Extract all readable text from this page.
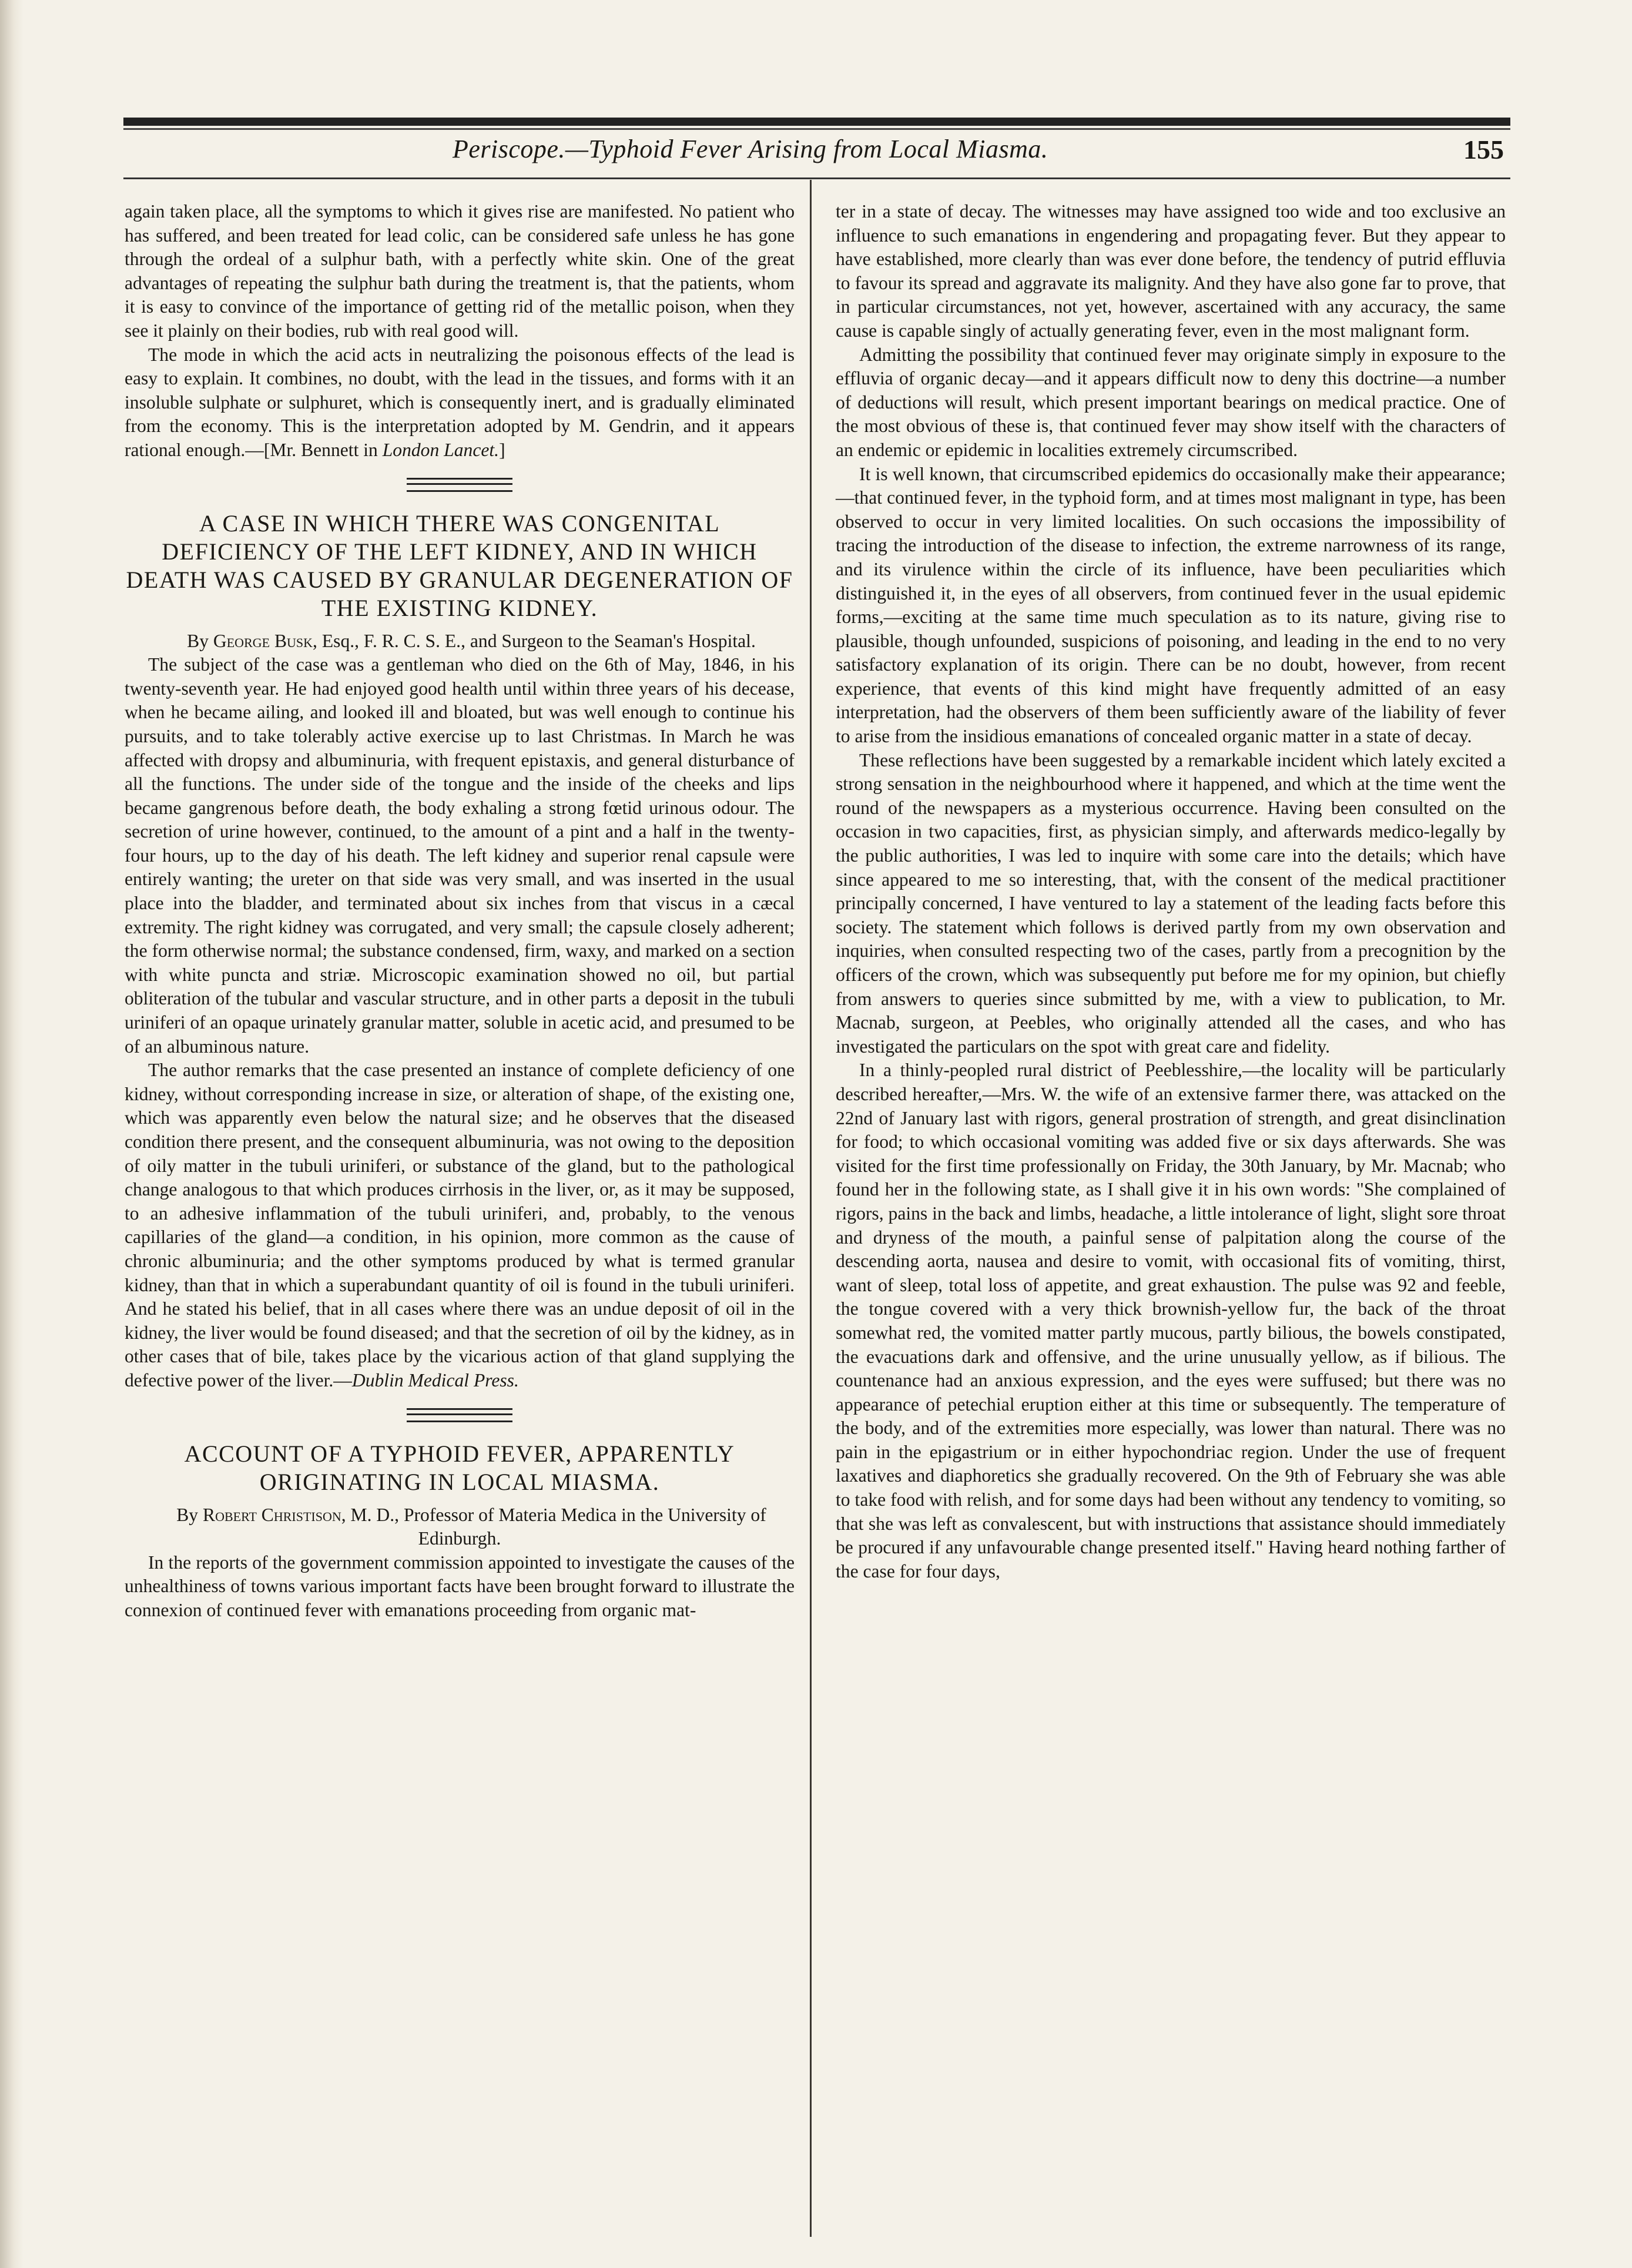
Periscope.—Typhoid Fever Arising from Local Miasma.	155

again taken place, all the symptoms to which it gives rise are manifested. No patient who has suffered, and been treated for lead colic, can be considered safe unless he has gone through the ordeal of a sulphur bath, with a perfectly white skin. One of the great advantages of repeating the sulphur bath during the treatment is, that the patients, whom it is easy to convince of the importance of getting rid of the metallic poison, when they see it plainly on their bodies, rub with real good will.

The mode in which the acid acts in neutralizing the poisonous effects of the lead is easy to explain. It combines, no doubt, with the lead in the tissues, and forms with it an insoluble sulphate or sulphuret, which is consequently inert, and is gradually eliminated from the economy. This is the interpretation adopted by M. Gendrin, and it appears rational enough.—[Mr. Bennett in London Lancet.]

A CASE IN WHICH THERE WAS CONGENITAL DEFICIENCY OF THE LEFT KIDNEY, AND IN WHICH DEATH WAS CAUSED BY GRANULAR DEGENERATION OF THE EXISTING KIDNEY.

By George Busk, Esq., F. R. C. S. E., and Surgeon to the Seaman's Hospital.

The subject of the case was a gentleman who died on the 6th of May, 1846, in his twenty-seventh year. He had enjoyed good health until within three years of his decease, when he became ailing, and looked ill and bloated, but was well enough to continue his pursuits, and to take tolerably active exercise up to last Christmas. In March he was affected with dropsy and albuminuria, with frequent epistaxis, and general disturbance of all the functions. The under side of the tongue and the inside of the cheeks and lips became gangrenous before death, the body exhaling a strong fœtid urinous odour. The secretion of urine however, continued, to the amount of a pint and a half in the twenty-four hours, up to the day of his death. The left kidney and superior renal capsule were entirely wanting; the ureter on that side was very small, and was inserted in the usual place into the bladder, and terminated about six inches from that viscus in a cæcal extremity. The right kidney was corrugated, and very small; the capsule closely adherent; the form otherwise normal; the substance condensed, firm, waxy, and marked on a section with white puncta and striæ. Microscopic examination showed no oil, but partial obliteration of the tubular and vascular structure, and in other parts a deposit in the tubuli uriniferi of an opaque urinately granular matter, soluble in acetic acid, and presumed to be of an albuminous nature.

The author remarks that the case presented an instance of complete deficiency of one kidney, without corresponding increase in size, or alteration of shape, of the existing one, which was apparently even below the natural size; and he observes that the diseased condition there present, and the consequent albuminuria, was not owing to the deposition of oily matter in the tubuli uriniferi, or substance of the gland, but to the pathological change analogous to that which produces cirrhosis in the liver, or, as it may be supposed, to an adhesive inflammation of the tubuli uriniferi, and, probably, to the venous capillaries of the gland—a condition, in his opinion, more common as the cause of chronic albuminuria; and the other symptoms produced by what is termed granular kidney, than that in which a superabundant quantity of oil is found in the tubuli uriniferi. And he stated his belief, that in all cases where there was an undue deposit of oil in the kidney, the liver would be found diseased; and that the secretion of oil by the kidney, as in other cases that of bile, takes place by the vicarious action of that gland supplying the defective power of the liver.—Dublin Medical Press.

ACCOUNT OF A TYPHOID FEVER, APPARENTLY ORIGINATING IN LOCAL MIASMA.

By Robert Christison, M. D., Professor of Materia Medica in the University of Edinburgh.

In the reports of the government commission appointed to investigate the causes of the unhealthiness of towns various important facts have been brought forward to illustrate the connexion of continued fever with emanations proceeding from organic mat-

ter in a state of decay. The witnesses may have assigned too wide and too exclusive an influence to such emanations in engendering and propagating fever. But they appear to have established, more clearly than was ever done before, the tendency of putrid effluvia to favour its spread and aggravate its malignity. And they have also gone far to prove, that in particular circumstances, not yet, however, ascertained with any accuracy, the same cause is capable singly of actually generating fever, even in the most malignant form.

Admitting the possibility that continued fever may originate simply in exposure to the effluvia of organic decay—and it appears difficult now to deny this doctrine—a number of deductions will result, which present important bearings on medical practice. One of the most obvious of these is, that continued fever may show itself with the characters of an endemic or epidemic in localities extremely circumscribed.

It is well known, that circumscribed epidemics do occasionally make their appearance;—that continued fever, in the typhoid form, and at times most malignant in type, has been observed to occur in very limited localities. On such occasions the impossibility of tracing the introduction of the disease to infection, the extreme narrowness of its range, and its virulence within the circle of its influence, have been peculiarities which distinguished it, in the eyes of all observers, from continued fever in the usual epidemic forms,—exciting at the same time much speculation as to its nature, giving rise to plausible, though unfounded, suspicions of poisoning, and leading in the end to no very satisfactory explanation of its origin. There can be no doubt, however, from recent experience, that events of this kind might have frequently admitted of an easy interpretation, had the observers of them been sufficiently aware of the liability of fever to arise from the insidious emanations of concealed organic matter in a state of decay.

These reflections have been suggested by a remarkable incident which lately excited a strong sensation in the neighbourhood where it happened, and which at the time went the round of the newspapers as a mysterious occurrence. Having been consulted on the occasion in two capacities, first, as physician simply, and afterwards medico-legally by the public authorities, I was led to inquire with some care into the details; which have since appeared to me so interesting, that, with the consent of the medical practitioner principally concerned, I have ventured to lay a statement of the leading facts before this society. The statement which follows is derived partly from my own observation and inquiries, when consulted respecting two of the cases, partly from a precognition by the officers of the crown, which was subsequently put before me for my opinion, but chiefly from answers to queries since submitted by me, with a view to publication, to Mr. Macnab, surgeon, at Peebles, who originally attended all the cases, and who has investigated the particulars on the spot with great care and fidelity.

In a thinly-peopled rural district of Peeblesshire,—the locality will be particularly described hereafter,—Mrs. W. the wife of an extensive farmer there, was attacked on the 22nd of January last with rigors, general prostration of strength, and great disinclination for food; to which occasional vomiting was added five or six days afterwards. She was visited for the first time professionally on Friday, the 30th January, by Mr. Macnab; who found her in the following state, as I shall give it in his own words: "She complained of rigors, pains in the back and limbs, headache, a little intolerance of light, slight sore throat and dryness of the mouth, a painful sense of palpitation along the course of the descending aorta, nausea and desire to vomit, with occasional fits of vomiting, thirst, want of sleep, total loss of appetite, and great exhaustion. The pulse was 92 and feeble, the tongue covered with a very thick brownish-yellow fur, the back of the throat somewhat red, the vomited matter partly mucous, partly bilious, the bowels constipated, the evacuations dark and offensive, and the urine unusually yellow, as if bilious. The countenance had an anxious expression, and the eyes were suffused; but there was no appearance of petechial eruption either at this time or subsequently. The temperature of the body, and of the extremities more especially, was lower than natural. There was no pain in the epigastrium or in either hypochondriac region. Under the use of frequent laxatives and diaphoretics she gradually recovered. On the 9th of February she was able to take food with relish, and for some days had been without any tendency to vomiting, so that she was left as convalescent, but with instructions that assistance should immediately be procured if any unfavourable change presented itself." Having heard nothing farther of the case for four days,
